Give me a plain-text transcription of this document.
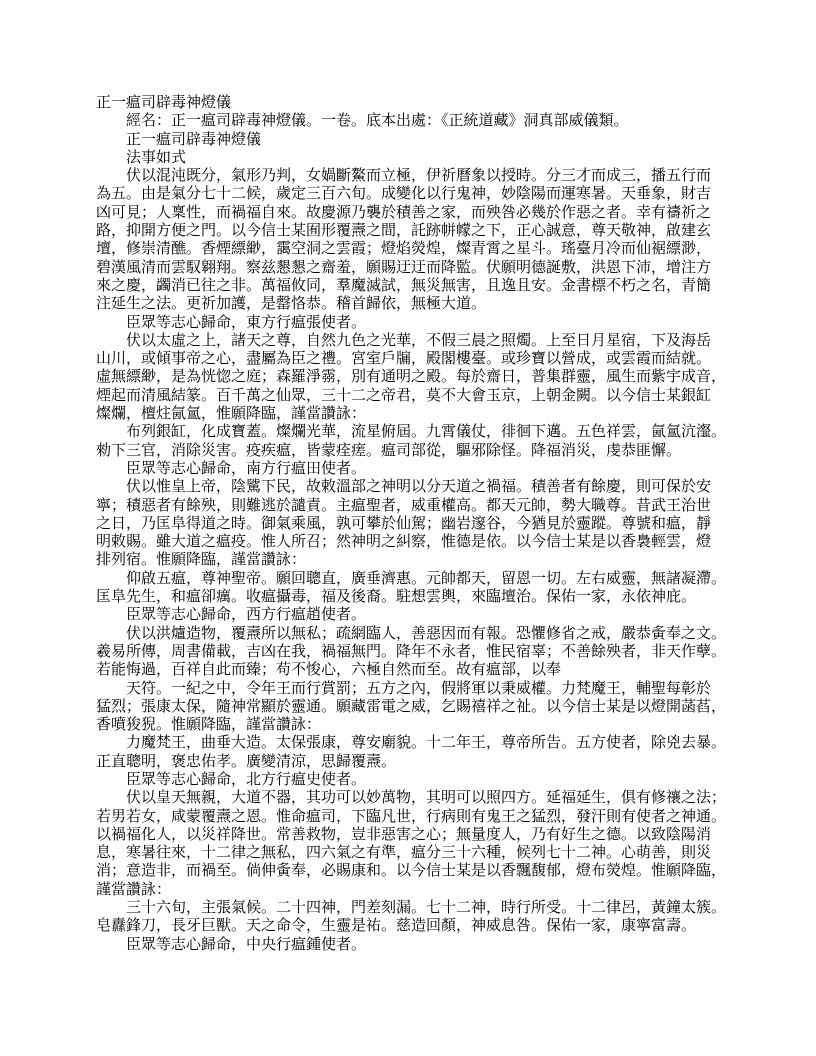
正一瘟司辟毒神燈儀
經名：正一瘟司辟毒神燈儀。一卷。底本出處：《正統道藏》洞真部威儀類。
正一瘟司辟毒神燈儀
法事如式
伏以混沌既分，氣形乃判，女媧斷鰲而立極，伊祈曆象以授時。分三才而成三，播五行而
為五。由是氣分七十二候，歲定三百六旬。成變化以行鬼神，妙陰陽而運寒暑。天垂象，財吉
凶可見；人稟性，而禍福自來。故慶源乃襲於積善之家，而殃咎必幾於作惡之者。幸有禱祈之
路，抑開方便之門。以今信士某囿形覆燾之間，託跡帡幪之下，正心誠意，尊天敬神，啟建玄
壇，修崇清醮。香煙縹緲，靄空洞之雲霞；燈焰熒煌，燦青霄之星斗。瑤臺月冷而仙裾縹渺，
碧漢風清而雲馭翱翔。察兹懇懇之齋羞，願賜迂迂而降監。伏願明德誕敷，洪恩下沛，增注方
來之慶，蠲消已往之非。萬福攸同，羣魔滅試，無災無害，且逸且安。金書標不朽之名，青簡
注延生之法。更祈加護，是罄恪恭。稽首歸依，無極大道。
臣眾等志心歸命，東方行瘟張使者。
伏以太虛之上，諸天之尊，自然九色之光華，不假三晨之照燭。上至日月星宿，下及海岳
山川，或傾事帝之心，盡屬為臣之禮。宮室戶牖，殿閣樓臺。或珍寶以營成，或雲霞而結就。
虛無縹緲，是為恍惚之庭；森羅淨霛，別有通明之殿。每於齋日，普集群靈，風生而紫宇成音，
煙起而清風結篆。百千萬之仙眾，三十二之帝君，莫不大會玉京，上朝金闕。以今信士某銀缸
燦爛，檀炷氤氳，惟願降臨，謹當讚詠：
布列銀缸，化成寶蓋。燦爛光華，流星俯屆。九霄儀仗，徘徊下邁。五色祥雲，氤氳沆瀣。
勑下三官，消除災害。疫疾瘟，皆蒙痊瘥。瘟司部從，驅邪除怪。降福消災，虔恭匪懈。
臣眾等志心歸命，南方行瘟田使者。
伏以惟皇上帝，陰騭下民，故敕溫部之神明以分天道之禍福。積善者有餘慶，則可保於安
寧；積惡者有餘殃，則難逃於譴責。主瘟聖者，威重權高。都天元帥，勢大職尊。昔武王治世
之日，乃匡阜得道之時。御氣乘風，孰可攀於仙駕；幽岩邃谷，今猶見於靈蹤。尊號和瘟，靜
明敕賜。雖大道之瘟疫。惟人所召；然神明之糾察，惟德是依。以今信士某是以香裊輕雲，燈
排列宿。惟願降臨，謹當讚詠：
仰啟五瘟，尊神聖帝。願回聰直，廣垂濟惠。元帥都天，留恩一切。左右威靈，無諸凝滯。
匡阜先生，和瘟卻癘。收瘟攝毒，福及後裔。駐想雲輿，來臨壇治。保佑一家，永依神庇。
臣眾等志心歸命，西方行瘟趙使者。
伏以洪爐造物，覆燾所以無私；疏網臨人，善惡因而有報。恐懼修省之戒，嚴恭夤奉之文。
羲易所傳，周書備載，吉凶在我，禍福無門。降年不永者，惟民宿辜；不善餘殃者，非天作孽。
若能悔過，百祥自此而臻；苟不悛心，六極自然而至。故有瘟部，以奉
天符。一紀之中，令年王而行賞罰；五方之內，假將軍以秉威權。力梵魔王，輔聖每彰於
猛烈；張康太保，隨神常顯於靈通。願藏雷電之威，乞賜禧祥之祉。以今信士某是以燈開菡萏，
香噴狻猊。惟願降臨，謹當讚詠：
力魔梵王，曲垂大造。太保張康，尊安廟貌。十二年王，尊帝所告。五方使者，除兇去暴。
正直聰明，褒忠佑孝。廣變清涼，思歸覆燾。
臣眾等志心歸命，北方行瘟史使者。
伏以皇天無親，大道不器，其功可以妙萬物，其明可以照四方。延福延生，俱有修禳之法；
若男若女，咸蒙覆燾之恩。惟命瘟司，下臨凡世，行病則有鬼王之猛烈，發汗則有使者之神通。
以禍福化人，以災祥降世。常善救物，豈非惡害之心；無量度人，乃有好生之德。以致陰陽消
息，寒暑往來，十二律之無私，四六氣之有準，瘟分三十六種，候列七十二神。心萌善，則災
消；意造非，而禍至。倘伸夤奉，必賜康和。以今信士某是以香飄馥郁，燈布熒煌。惟願降臨，
謹當讚詠：
三十六旬，主張氣候。二十四神，門差刻漏。七十二神，時行所受。十二律呂，黃鐘太簇。
皂纛鋒刀，長牙巨獸。天之命令，生靈是祐。慈造回顏，神威息咎。保佑一家，康寧富壽。
臣眾等志心歸命，中央行瘟鍾使者。
